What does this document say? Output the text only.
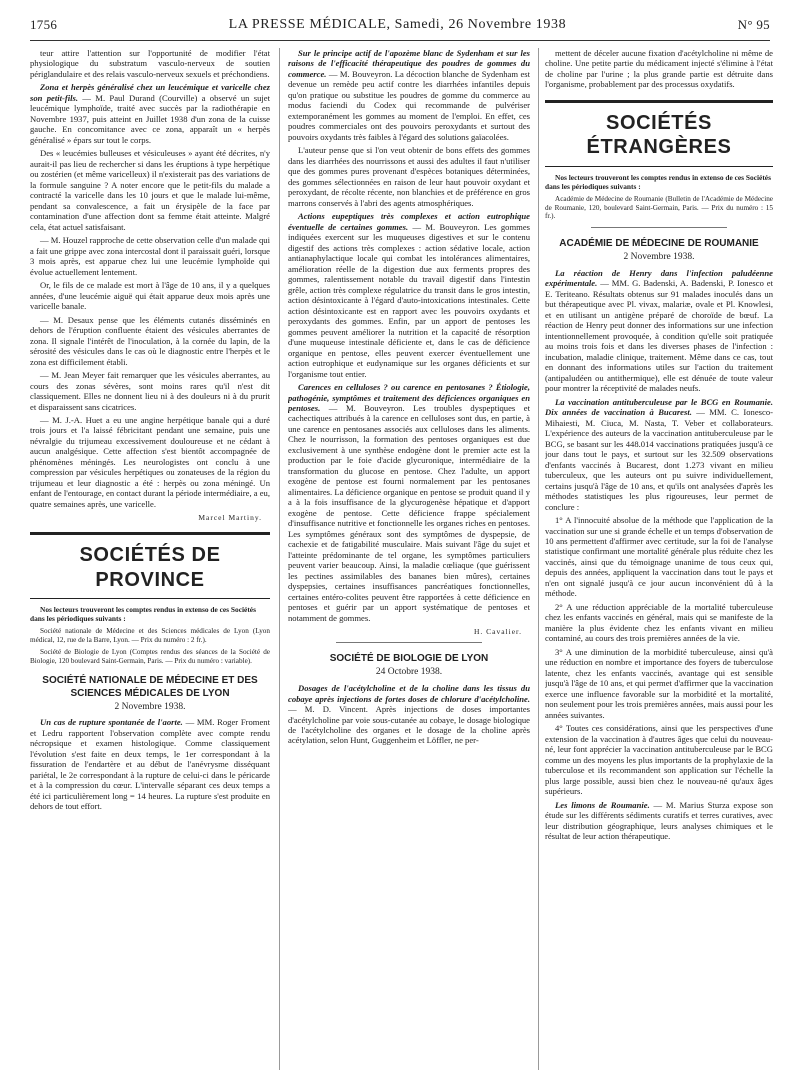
1756	LA PRESSE MÉDICALE, Samedi, 26 Novembre 1938	N° 95

teur attire l'attention sur l'opportunité de modifier l'état physiologique du substratum vasculo-nerveux de soutien périglandulaire et des relais vasculo-nerveux sexuels et préchondiens.

Zona et herpès généralisé chez un leucémique et varicelle chez son petit-fils. — M. Paul Durand (Courville) a observé un sujet leucémique lymphoïde, traité avec succès par la radiothérapie en Novembre 1937, puis atteint en Juillet 1938 d'un zona de la cuisse gauche. En concomitance avec ce zona, apparaît un « herpès généralisé » épars sur tout le corps.

Des « leucémies bulleuses et vésiculeuses » ayant été décrites, n'y aurait-il pas lieu de rechercher si dans les éruptions à type herpétique ou zostérien (et même varicelleux) il n'existerait pas des variations de la formule sanguine ? A noter encore que le petit-fils du malade a contracté la varicelle dans les 10 jours et que le malade lui-même, pendant sa convalescence, a fait un érysipèle de la face par contamination d'une affection dont sa femme était atteinte. Malgré cela, état actuel satisfaisant.

— M. Houzel rapproche de cette observation celle d'un malade qui a fait une grippe avec zona intercostal dont il paraissait guéri, lorsque 3 mois après, est apparue chez lui une leucémie lymphoïde qui évolue actuellement lentement.

Or, le fils de ce malade est mort à l'âge de 10 ans, il y a quelques années, d'une leucémie aiguë qui était apparue deux mois après une varicelle banale.

— M. Desaux pense que les éléments cutanés disséminés en dehors de l'éruption confluente étaient des vésicules aberrantes de zona. Il signale l'intérêt de l'inoculation, à la cornée du lapin, de la sérosité des vésicules dans le cas où le diagnostic entre l'herpès et le zona est difficilement établi.

— M. Jean Meyer fait remarquer que les vésicules aberrantes, au cours des zonas sévères, sont moins rares qu'il n'est dit classiquement. Elles ne donnent lieu ni à des douleurs ni à du prurit et disparaissent sans cicatrices.

— M. J.-A. Huet a eu une angine herpétique banale qui a duré trois jours et l'a laissé fébricitant pendant une semaine, puis une névralgie du trijumeau excessivement douloureuse et ne cédant à aucun analgésique. Cette affection s'est bientôt accompagnée de phénomènes méningés. Les neurologistes ont conclu à une compression par vésicules herpétiques ou zonateuses de la région du trijumeau et leur diagnostic a été : herpès ou zona méningé. Un enfant de l'entourage, en contact durant la période intermédiaire, a eu, quatre semaines après, une varicelle.

Marcel Martiny.

SOCIÉTÉS DE PROVINCE

Nos lecteurs trouveront les comptes rendus in extenso de ces Sociétés dans les périodiques suivants :

Société nationale de Médecine et des Sciences médicales de Lyon (Lyon médical, 12, rue de la Barre, Lyon. — Prix du numéro : 2 fr.).

Société de Biologie de Lyon (Comptes rendus des séances de la Société de Biologie, 120 boulevard Saint-Germain, Paris. — Prix du numéro : variable).

SOCIÉTÉ NATIONALE DE MÉDECINE ET DES SCIENCES MÉDICALES DE LYON

2 Novembre 1938.

Un cas de rupture spontanée de l'aorte. — MM. Roger Froment et Ledru rapportent l'observation complète avec compte rendu nécropsique et examen histologique. Comme classiquement l'évolution s'est faite en deux temps, le 1er correspondant à la fissuration de l'endartère et au début de l'anévrysme disséquant pariétal, le 2e correspondant à la rupture de celui-ci dans le péricarde et à la compression du cœur. L'intervalle séparant ces deux temps a été ici particulièrement long = 14 heures. La rupture s'est produite en dehors de tout effort.

Sur le principe actif de l'apozème blanc de Sydenham et sur les raisons de l'efficacité thérapeutique des poudres de gommes du commerce. — M. Bouveyron. La décoction blanche de Sydenham est devenue un remède peu actif contre les diarrhées infantiles depuis qu'on pratique ou substitue les poudres de gomme du commerce au modus faciendi du Codex qui recommande de pulvériser extemporanément les gommes au moment de l'emploi. En effet, ces poudres commerciales ont des pouvoirs peroxydants et surtout des pouvoirs oxydants très faibles à l'égard des solutions gaïacolées.

L'auteur pense que si l'on veut obtenir de bons effets des gommes dans les diarrhées des nourrissons et aussi des adultes il faut n'utiliser que des gommes pures provenant d'espèces botaniques déterminées, des gommes sélectionnées en raison de leur haut pouvoir oxydant et peroxydant, de récolte récente, non blanchies et de préférence en gros marrons conservés à l'abri des agents atmosphériques.

Actions eupeptiques très complexes et action eutrophique éventuelle de certaines gommes. — M. Bouveyron. Les gommes indiquées exercent sur les muqueuses digestives et sur le contenu digestif des actions très complexes : action sédative locale, action antianaphylactique locale qui combat les intolérances alimentaires, amélioration réelle de la digestion due aux ferments propres des gommes, ralentissement notable du travail digestif dans l'intestin grêle, action très complexe régulatrice du transit dans le gros intestin, action désintoxicante à l'égard d'auto-intoxications intestinales. Cette action désintoxicante est en rapport avec les pouvoirs oxydants et peroxydants des gommes. Enfin, par un apport de pentoses les gommes peuvent améliorer la nutrition et la capacité de résorption d'une muqueuse intestinale déficiente et, dans le cas de déficience organique en pentose, elles peuvent exercer éventuellement une action eutrophique et eudynamique sur les organes déficients et sur l'organisme tout entier.

Carences en celluloses ? ou carence en pentosanes ? Étiologie, pathogénie, symptômes et traitement des déficiences organiques en pentoses. — M. Bouveyron. Les troubles dyspeptiques et cachectiques attribués à la carence en celluloses sont dus, en partie, à une carence en pentosanes associés aux celluloses dans les aliments. Chez le nourrisson, la formation des pentoses organiques est due exclusivement à une synthèse endogène dont le premier acte est la production par le foie d'acide glycuronique, intermédiaire de la transformation du glucose en pentose. Chez l'adulte, un apport exogène de pentose est fourni normalement par les pentosanes alimentaires. La déficience organique en pentose se produit quand il y a à la fois insuffisance de la glycurogenèse hépatique et d'apport exogène de pentose. Cette déficience frappe spécialement d'insuffisance nutritive et fonctionnelle les organes riches en pentoses. Les symptômes généraux sont des symptômes de dyspepsie, de cachexie et de fatigabilité musculaire. Mais suivant l'âge du sujet et l'atteinte prédominante de tel organe, les symptômes particuliers peuvent varier beaucoup. Ainsi, la maladie cœliaque (que guérissent les pectines assimilables des bananes bien mûres), certaines dyspepsies, certaines insuffisances pancréatiques fonctionnelles, certaines entéro-colites peuvent être rapportées à cette déficience en pentoses et guérir par un apport systématique de pentoses et notamment de gommes.

H. Cavalier.

SOCIÉTÉ DE BIOLOGIE DE LYON

24 Octobre 1938.

Dosages de l'acétylcholine et de la choline dans les tissus du cobaye après injections de fortes doses de chlorure d'acétylcholine. — M. D. Vincent. Après injections de doses importantes d'acétylcholine par voie sous-cutanée au cobaye, le dosage biologique de l'acétylcholine des organes et le dosage de la choline après acétylation, selon Hunt, Guggenheim et Löffler, ne per-

mettent de déceler aucune fixation d'acétylcholine ni même de choline. Une petite partie du médicament injecté s'élimine à l'état de choline par l'urine ; la plus grande partie est détruite dans l'organisme, probablement par des processus oxydatifs.

SOCIÉTÉS ÉTRANGÈRES

Nos lecteurs trouveront les comptes rendus in extenso de ces Sociétés dans les périodiques suivants :

Académie de Médecine de Roumanie (Bulletin de l'Académie de Médecine de Roumanie, 120, boulevard Saint-Germain, Paris. — Prix du numéro : 15 fr.).

ACADÉMIE DE MÉDECINE DE ROUMANIE

2 Novembre 1938.

La réaction de Henry dans l'infection paludéenne expérimentale. — MM. G. Badenski, A. Badenski, P. Ionesco et E. Teriteano. Résultats obtenus sur 91 malades inoculés dans un but thérapeutique avec Pl. vivax, malariæ, ovale et Pl. Knowlesi, et en utilisant un antigène préparé de choroïde de bœuf. La réaction de Henry peut donner des informations sur une infection intentionnellement provoquée, à condition qu'elle soit pratiquée au moins trois fois et dans les diverses phases de l'infection : incubation, maladie clinique, traitement. Même dans ce cas, tout en donnant des informations utiles sur l'action du traitement (antipaludéen ou antithermique), elle est dénuée de toute valeur pour montrer la réceptivité de malades neufs.

La vaccination antituberculeuse par le BCG en Roumanie. Dix années de vaccination à Bucarest. — MM. C. Ionesco-Mihaiesti, M. Ciuca, M. Nasta, T. Veber et collaborateurs. L'expérience des auteurs de la vaccination antituberculeuse par le BCG, se basant sur les 448.014 vaccinations pratiquées jusqu'à ce jour dans tout le pays, et surtout sur les 32.509 observations d'enfants vaccinés à Bucarest, dont 1.273 vivant en milieu tuberculeux, que les auteurs ont pu suivre individuellement, certains jusqu'à l'âge de 10 ans, et qu'ils ont analysées d'après les méthodes statistiques les plus rigoureuses, leur permet de conclure :

1° A l'innocuité absolue de la méthode que l'application de la vaccination sur une si grande échelle et un temps d'observation de 10 ans permettent d'affirmer avec certitude, sur la foi de l'analyse statistique confirmant une mortalité générale plus réduite chez les vaccinés, ainsi que du témoignage unanime de tous ceux qui, depuis des années, appliquent la vaccination dans tout le pays et n'en ont signalé jusqu'à ce jour aucun inconvénient dû à la méthode.

2° A une réduction appréciable de la mortalité tuberculeuse chez les enfants vaccinés en général, mais qui se manifeste de la manière la plus évidente chez les enfants vivant en milieu contaminé, au cours des trois premières années de la vie.

3° A une diminution de la morbidité tuberculeuse, ainsi qu'à une réduction en nombre et importance des foyers de tuberculose latente, chez les enfants vaccinés, avantage qui est sensible jusqu'à l'âge de 10 ans, et qui permet d'affirmer que la vaccination exerce une influence favorable sur la morbidité et la mortalité, non seulement pour les trois premières années, mais aussi pour les années suivantes.

4° Toutes ces considérations, ainsi que les perspectives d'une extension de la vaccination à d'autres âges que celui du nouveau-né, leur font apprécier la vaccination antituberculeuse par le BCG comme un des moyens les plus importants de la prophylaxie de la tuberculose et ils recommandent son application sur l'échelle la plus large possible, aussi bien chez le nouveau-né qu'aux âges supérieurs.

Les limons de Roumanie. — M. Marius Sturza expose son étude sur les différents sédiments curatifs et terres curatives, avec leur distribution géographique, leurs analyses chimiques et le résultat de leur action thérapeutique.
